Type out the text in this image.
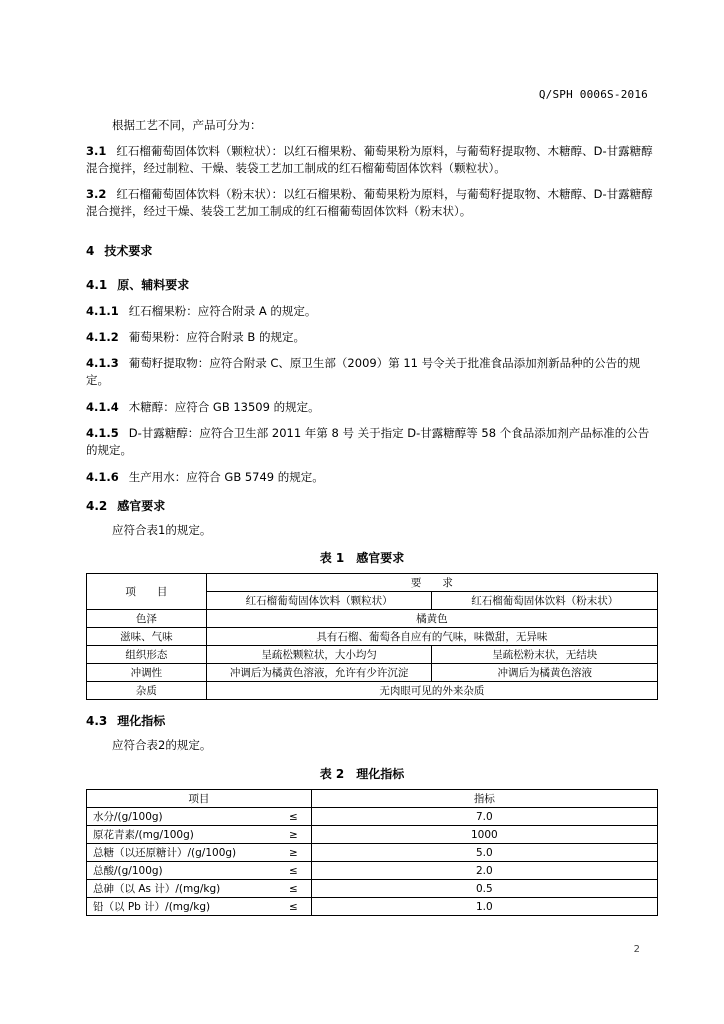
Q/SPH 0006S-2016
根据工艺不同，产品可分为：
3.1 红石榴葡萄固体饮料（颗粒状）：以红石榴果粉、葡萄果粉为原料，与葡萄籽提取物、木糖醇、D-甘露糖醇混合搅拌，经过制粒、干燥、装袋工艺加工制成的红石榴葡萄固体饮料（颗粒状）。
3.2 红石榴葡萄固体饮料（粉末状）：以红石榴果粉、葡萄果粉为原料，与葡萄籽提取物、木糖醇、D-甘露糖醇混合搅拌，经过干燥、装袋工艺加工制成的红石榴葡萄固体饮料（粉末状）。
4 技术要求
4.1 原、辅料要求
4.1.1 红石榴果粉：应符合附录 A 的规定。
4.1.2 葡萄果粉：应符合附录 B 的规定。
4.1.3 葡萄籽提取物：应符合附录 C、原卫生部（2009）第 11 号令关于批准食品添加剂新品种的公告的规定。
4.1.4 木糖醇：应符合 GB 13509 的规定。
4.1.5 D-甘露糖醇：应符合卫生部 2011 年第 8 号 关于指定 D-甘露糖醇等 58 个食品添加剂产品标准的公告的规定。
4.1.6 生产用水：应符合 GB 5749 的规定。
4.2 感官要求
应符合表1的规定。
表 1　感官要求
项　　目	要　　求	
	红石榴葡萄固体饮料（颗粒状）	红石榴葡萄固体饮料（粉末状）
色泽	橘黄色	
滋味、气味	具有石榴、葡萄各自应有的气味，味微甜，无异味	
组织形态	呈疏松颗粒状，大小均匀	呈疏松粉末状，无结块
冲调性	冲调后为橘黄色溶液，允许有少许沉淀	冲调后为橘黄色溶液
杂质	无肉眼可见的外来杂质	
4.3 理化指标
应符合表2的规定。
表 2　理化指标
项目		指标
水分/(g/100g)	≤	7.0
原花青素/(mg/100g)	≥	1000
总糖（以还原糖计）/(g/100g)	≥	5.0
总酸/(g/100g)	≤	2.0
总砷（以 As 计）/(mg/kg)	≤	0.5
铅（以 Pb 计）/(mg/kg)	≤	1.0
2
